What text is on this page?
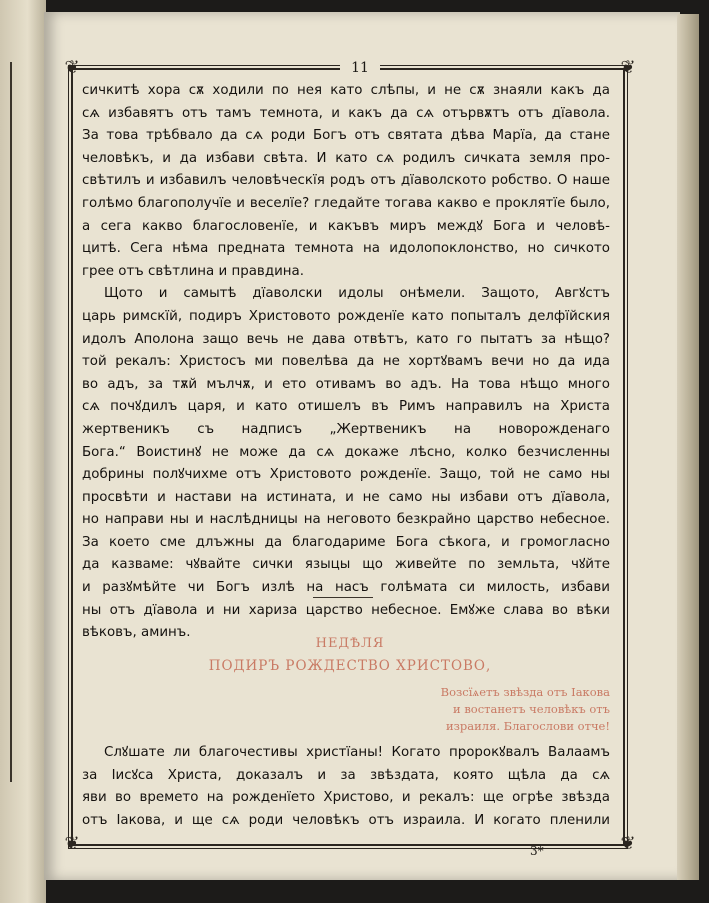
❦	❦
❦	❦
11
сичкитѣ хора сѫ ходили по нея като слѣпы, и не сѫ знаяли какъ да
сѧ избавятъ отъ тамъ темнота, и какъ да сѧ отървѫтъ отъ дїавола.
За това трѣбвало да сѧ роди Богъ отъ святата дѣва Марїа, да стане
человѣкъ, и да избави свѣта. И като сѧ родилъ сичката земля про-
свѣтилъ и избавилъ человѣческїя родъ отъ дїаволското робство. О наше
голѣмо благополучїе и веселїе? гледайте тогава какво е проклятїе было,
а сега какво благословенїе, и какъвъ миръ междꙋ Бога и человѣ-
цитѣ. Сега нѣма предната темнота на идолопоклонство, но сичкото
грее отъ свѣтлина и правдина.
Щото и самытѣ дїаволски идолы онѣмели. Защото, Авгꙋстъ
царь римскїй, подиръ Христовото рожденїе като попыталъ делфїйския
идолъ Аполона защо вечь не дава отвѣтъ, като го пытатъ за нѣщо?
той рекалъ: Христосъ ми повелѣва да не хортꙋвамъ вечи но да ида
во адъ, за тѫй мълчѫ, и ето отивамъ во адъ. На това нѣщо много
сѧ почꙋдилъ царя, и като отишелъ въ Римъ направилъ на Христа
жертвеникъ съ надписъ „Жертвеникъ на новорожденаго
Бога.“ Воистинꙋ не може да сѧ докаже лѣсно, колко безчисленны
добрины полꙋчихме отъ Христовото рожденїе. Защо, той не само ны
просвѣти и настави на истината, и не само ны избави отъ дїавола,
но направи ны и наслѣдницы на неговото безкрайно царство небесное.
За което сме длъжны да благодариме Бога сѣкога, и громогласно
да казваме: чꙋвайте сички языцы що живейте по земльта, чꙋйте
и разꙋмѣйте чи Богъ излѣ на насъ голѣмата си милость, избави
ны отъ дїавола и ни хариза царство небесное. Емꙋже слава во вѣки
вѣковъ, аминъ.
НЕДѢЛЯ
ПОДИРЪ РОЖДЕСТВО ХРИСТОВО,
Возсїѧетъ звѣзда отъ Іакова
и востанетъ человѣкъ отъ
израиля. Благослови отче!
Слꙋшате ли благочестивы христїаны! Когато пророкꙋвалъ Валаамъ
за Іисꙋса Христа, доказалъ и за звѣздата, която щѣла да сѧ
яви во времето на рожденїето Христово, и рекалъ: ще огрѣе звѣзда
отъ Іакова, и ще сѧ роди человѣкъ отъ израила. И когато пленили
3*
